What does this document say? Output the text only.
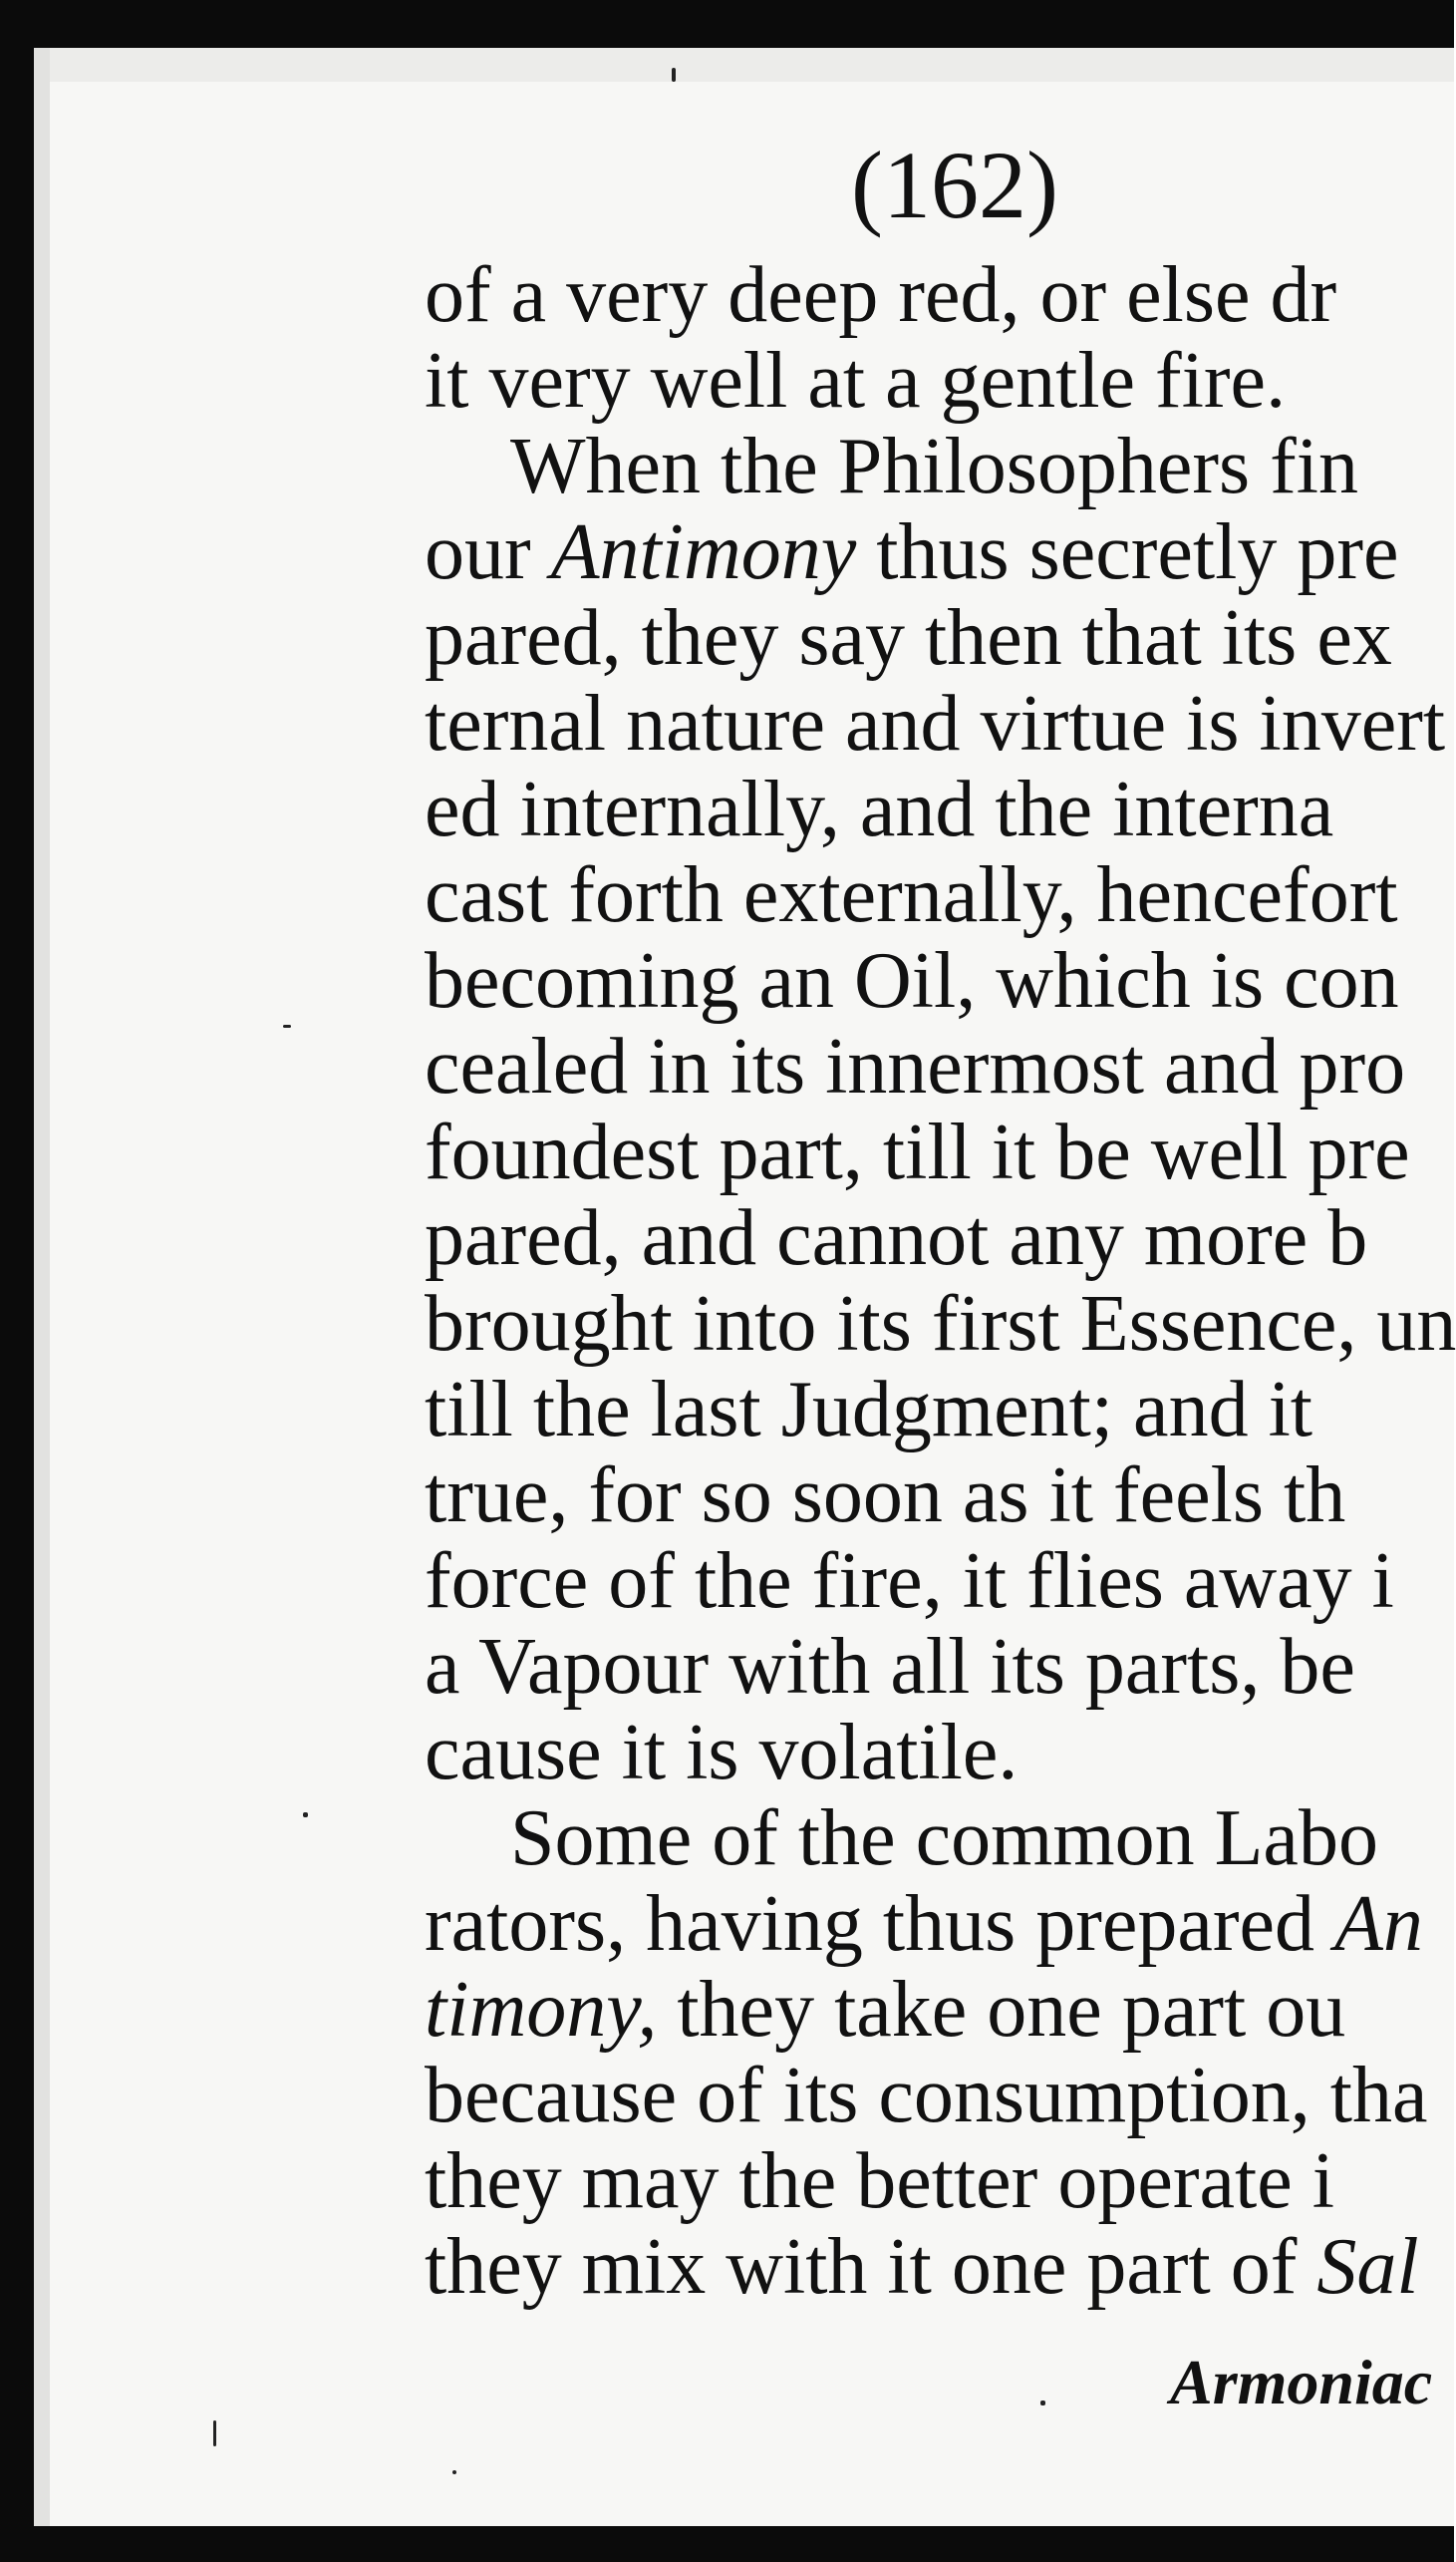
(162)
of a very deep red, or else dr
it very well at a gentle fire.
When the Philosophers fin
our Antimony thus secretly pre
pared, they say then that its ex
ternal nature and virtue is invert
ed internally, and the interna
cast forth externally, hencefort
becoming an Oil, which is con
cealed in its innermost and pro
foundest part, till it be well pre
pared, and cannot any more b
brought into its first Essence, un
till the last Judgment; and it
true, for so soon as it feels th
force of the fire, it flies away i
a Vapour with all its parts, be
cause it is volatile.
Some of the common Labo
rators, having thus prepared An
timony, they take one part ou
because of its consumption, tha
they may the better operate i
they mix with it one part of Sal
Armoniac
